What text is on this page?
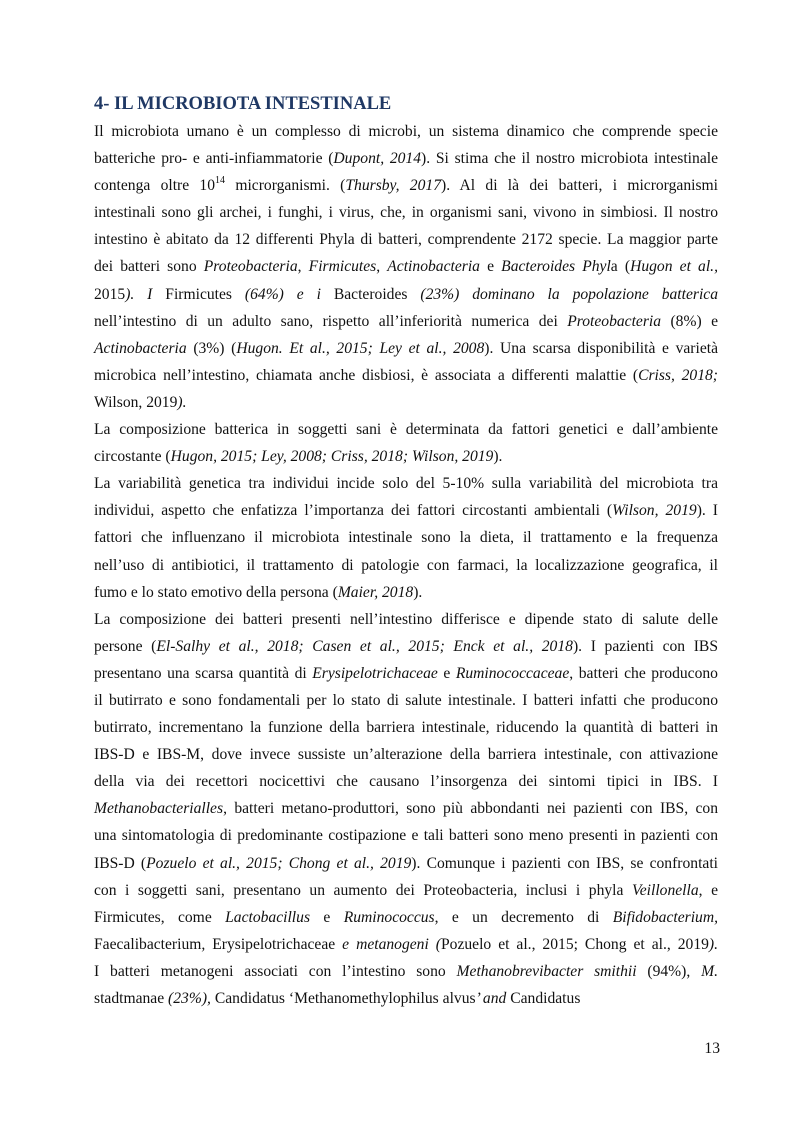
4- IL MICROBIOTA INTESTINALE
Il microbiota umano è un complesso di microbi, un sistema dinamico che comprende specie
batteriche pro- e anti-infiammatorie (Dupont, 2014). Si stima che il nostro microbiota intestinale
contenga oltre $10^{14}$ microrganismi. (Thursby, 2017). Al di là dei batteri, i microrganismi
intestinali sono gli archei, i funghi, i virus, che, in organismi sani, vivono in simbiosi. Il nostro
intestino è abitato da 12 differenti Phyla di batteri, comprendente 2172 specie. La maggior parte
dei batteri sono Proteobacteria, Firmicutes, Actinobacteria e Bacteroides Phyla (Hugon et al.,
2015). I Firmicutes (64%) e i Bacteroides (23%) dominano la popolazione batterica
nell’intestino di un adulto sano, rispetto all’inferiorità numerica dei Proteobacteria (8%) e
Actinobacteria (3%) (Hugon. Et al., 2015; Ley et al., 2008). Una scarsa disponibilità e varietà
microbica nell’intestino, chiamata anche disbiosi, è associata a differenti malattie (Criss, 2018;
Wilson, 2019).
La composizione batterica in soggetti sani è determinata da fattori genetici e dall’ambiente
circostante (Hugon, 2015; Ley, 2008; Criss, 2018; Wilson, 2019).
La variabilità genetica tra individui incide solo del 5-10% sulla variabilità del microbiota tra
individui, aspetto che enfatizza l’importanza dei fattori circostanti ambientali (Wilson, 2019). I
fattori che influenzano il microbiota intestinale sono la dieta, il trattamento e la frequenza
nell’uso di antibiotici, il trattamento di patologie con farmaci, la localizzazione geografica, il
fumo e lo stato emotivo della persona (Maier, 2018).
La composizione dei batteri presenti nell’intestino differisce e dipende stato di salute delle
persone (El-Salhy et al., 2018; Casen et al., 2015; Enck et al., 2018). I pazienti con IBS
presentano una scarsa quantità di Erysipelotrichaceae e Ruminococcaceae, batteri che producono
il butirrato e sono fondamentali per lo stato di salute intestinale. I batteri infatti che producono
butirrato, incrementano la funzione della barriera intestinale, riducendo la quantità di batteri in
IBS-D e IBS-M, dove invece sussiste un’alterazione della barriera intestinale, con attivazione
della via dei recettori nocicettivi che causano l’insorgenza dei sintomi tipici in IBS. I
Methanobacterialles, batteri metano-produttori, sono più abbondanti nei pazienti con IBS, con
una sintomatologia di predominante costipazione e tali batteri sono meno presenti in pazienti con
IBS-D (Pozuelo et al., 2015; Chong et al., 2019). Comunque i pazienti con IBS, se confrontati
con i soggetti sani, presentano un aumento dei Proteobacteria, inclusi i phyla Veillonella, e
Firmicutes, come Lactobacillus e Ruminococcus, e un decremento di Bifidobacterium,
Faecalibacterium, Erysipelotrichaceae e metanogeni (Pozuelo et al., 2015; Chong et al., 2019).
I batteri metanogeni associati con l’intestino sono Methanobrevibacter smithii (94%), M.
stadtmanae (23%), Candidatus ‘Methanomethylophilus alvus’ and Candidatus
13
